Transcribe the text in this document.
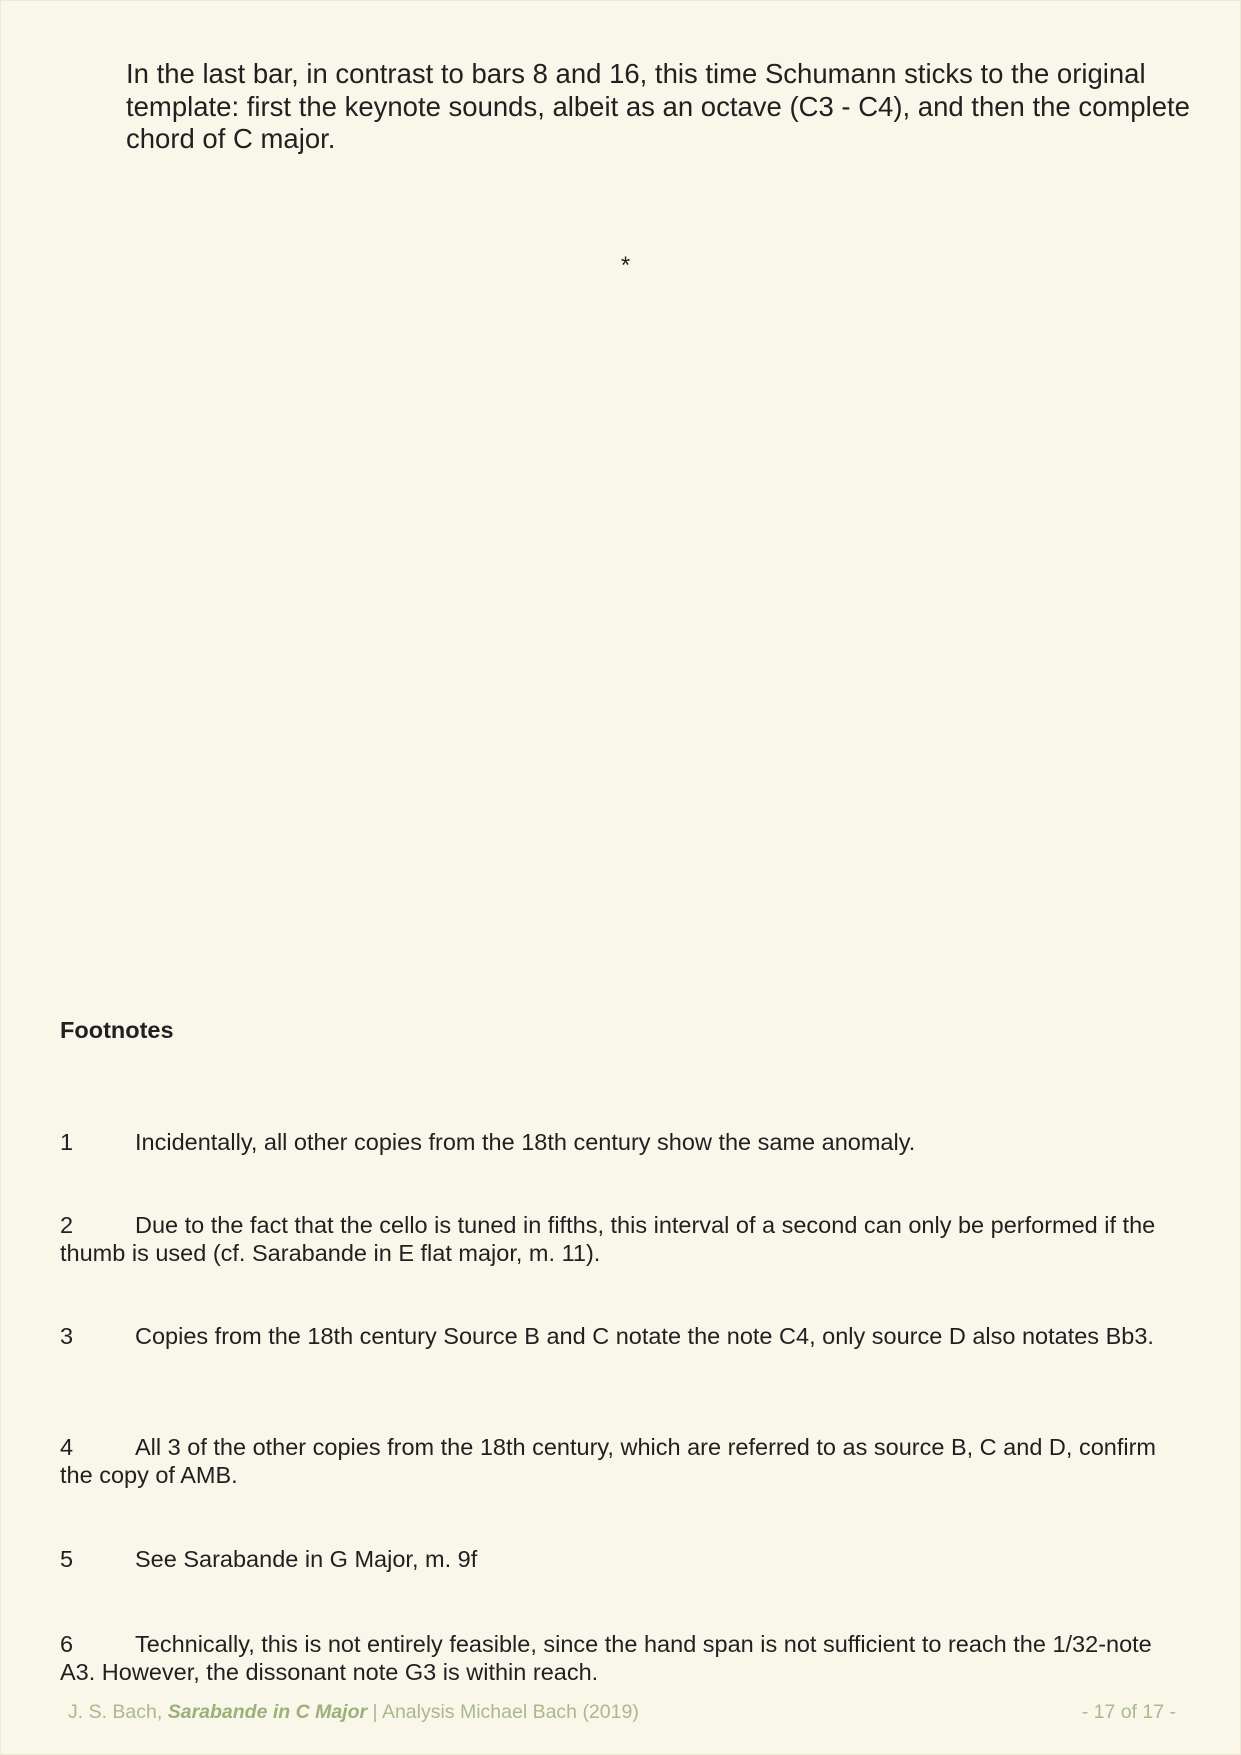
In the last bar, in contrast to bars 8 and 16, this time Schumann sticks to the original template: first the keynote sounds, albeit as an octave (C3 - C4), and then the complete chord of C major.

*
Footnotes

1	Incidentally, all other copies from the 18th century show the same anomaly.

2	Due to the fact that the cello is tuned in fifths, this interval of a second can only be performed if the thumb is used (cf. Sarabande in E flat major, m. 11).

3	Copies from the 18th century Source B and C notate the note C4, only source D also notates Bb3.

4	All 3 of the other copies from the 18th century, which are referred to as source B, C and D, confirm the copy of AMB.

5	See Sarabande in G Major, m. 9f

6	Technically, this is not entirely feasible, since the hand span is not sufficient to reach the 1/32-note A3. However, the dissonant note G3 is within reach.

J. S. Bach, Sarabande in C Major | Analysis Michael Bach (2019)	- 17 of 17 -
